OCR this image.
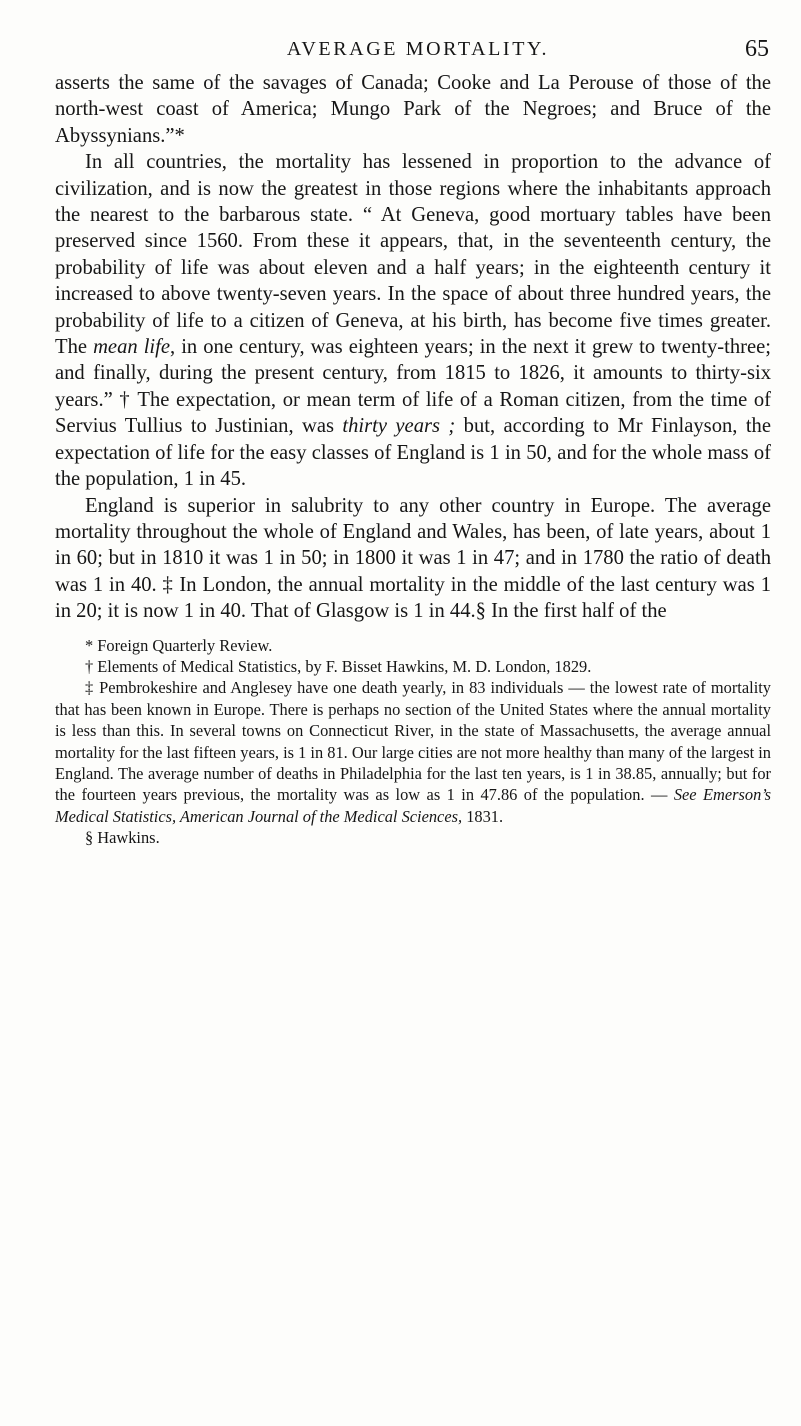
AVERAGE MORTALITY.	65

asserts the same of the savages of Canada; Cooke and La Perouse of those of the north-west coast of America; Mungo Park of the Negroes; and Bruce of the Abyssynians.”*

In all countries, the mortality has lessened in proportion to the advance of civilization, and is now the greatest in those regions where the inhabitants approach the nearest to the barbarous state. “ At Geneva, good mortuary tables have been preserved since 1560. From these it appears, that, in the seventeenth century, the probability of life was about eleven and a half years; in the eighteenth century it increased to above twenty-seven years. In the space of about three hundred years, the probability of life to a citizen of Geneva, at his birth, has become five times greater. The mean life, in one century, was eighteen years; in the next it grew to twenty-three; and finally, during the present century, from 1815 to 1826, it amounts to thirty-six years.” † The expectation, or mean term of life of a Roman citizen, from the time of Servius Tullius to Justinian, was thirty years ; but, according to Mr Finlayson, the expectation of life for the easy classes of England is 1 in 50, and for the whole mass of the population, 1 in 45.

England is superior in salubrity to any other country in Europe. The average mortality throughout the whole of England and Wales, has been, of late years, about 1 in 60; but in 1810 it was 1 in 50; in 1800 it was 1 in 47; and in 1780 the ratio of death was 1 in 40. ‡ In London, the annual mortality in the middle of the last century was 1 in 20; it is now 1 in 40. That of Glasgow is 1 in 44.§ In the first half of the

* Foreign Quarterly Review.

† Elements of Medical Statistics, by F. Bisset Hawkins, M. D. London, 1829.

‡ Pembrokeshire and Anglesey have one death yearly, in 83 individuals — the lowest rate of mortality that has been known in Europe. There is perhaps no section of the United States where the annual mortality is less than this. In several towns on Connecticut River, in the state of Massachusetts, the average annual mortality for the last fifteen years, is 1 in 81. Our large cities are not more healthy than many of the largest in England. The average number of deaths in Philadelphia for the last ten years, is 1 in 38.85, annually; but for the fourteen years previous, the mortality was as low as 1 in 47.86 of the population. — See Emerson’s Medical Statistics, American Journal of the Medical Sciences, 1831.

§ Hawkins.
